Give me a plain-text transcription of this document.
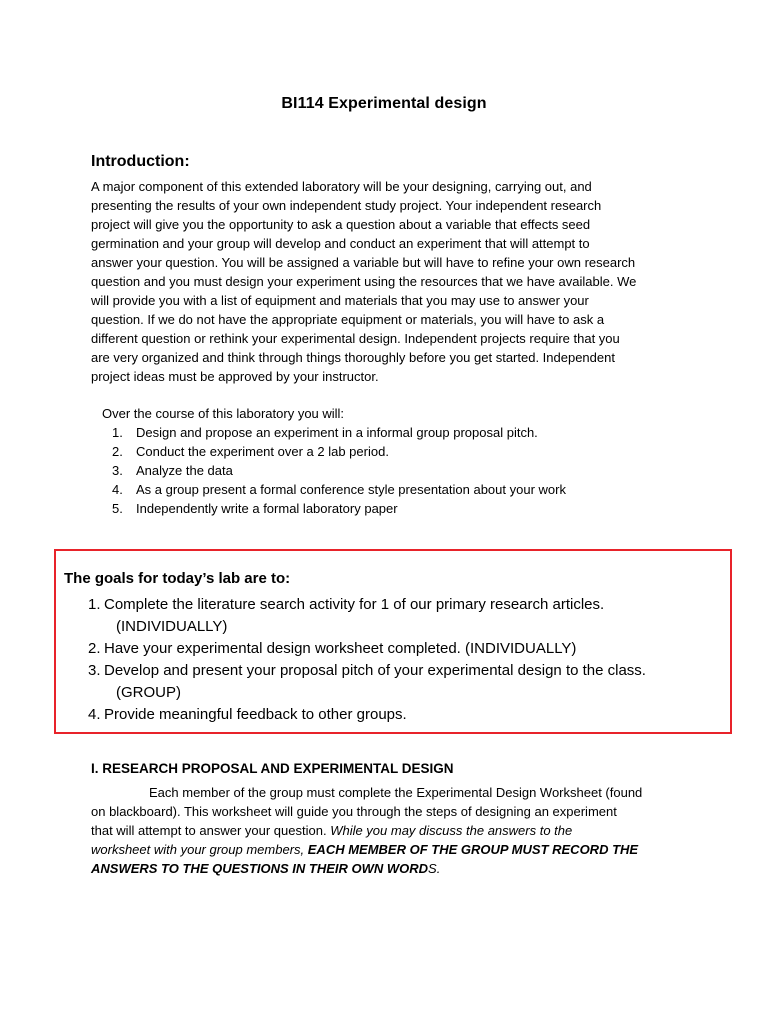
BI114 Experimental design
Introduction:
A major component of this extended laboratory will be your designing, carrying out, and
presenting the results of your own independent study project. Your independent research
project will give you the opportunity to ask a question about a variable that effects seed
germination and your group will develop and conduct an experiment that will attempt to
answer your question. You will be assigned a variable but will have to refine your own research
question and you must design your experiment using the resources that we have available. We
will provide you with a list of equipment and materials that you may use to answer your
question. If we do not have the appropriate equipment or materials, you will have to ask a
different question or rethink your experimental design. Independent projects require that you
are very organized and think through things thoroughly before you get started. Independent
project ideas must be approved by your instructor.
Over the course of this laboratory you will:
1. Design and propose an experiment in a informal group proposal pitch.
2. Conduct the experiment over a 2 lab period.
3. Analyze the data
4. As a group present a formal conference style presentation about your work
5. Independently write a formal laboratory paper
The goals for today’s lab are to:
1. Complete the literature search activity for 1 of our primary research articles.
(INDIVIDUALLY)
2. Have your experimental design worksheet completed. (INDIVIDUALLY)
3. Develop and present your proposal pitch of your experimental design to the class.
(GROUP)
4. Provide meaningful feedback to other groups.
I. RESEARCH PROPOSAL AND EXPERIMENTAL DESIGN
Each member of the group must complete the Experimental Design Worksheet (found
on blackboard). This worksheet will guide you through the steps of designing an experiment
that will attempt to answer your question. While you may discuss the answers to the
worksheet with your group members, EACH MEMBER OF THE GROUP MUST RECORD THE
ANSWERS TO THE QUESTIONS IN THEIR OWN WORDS.
